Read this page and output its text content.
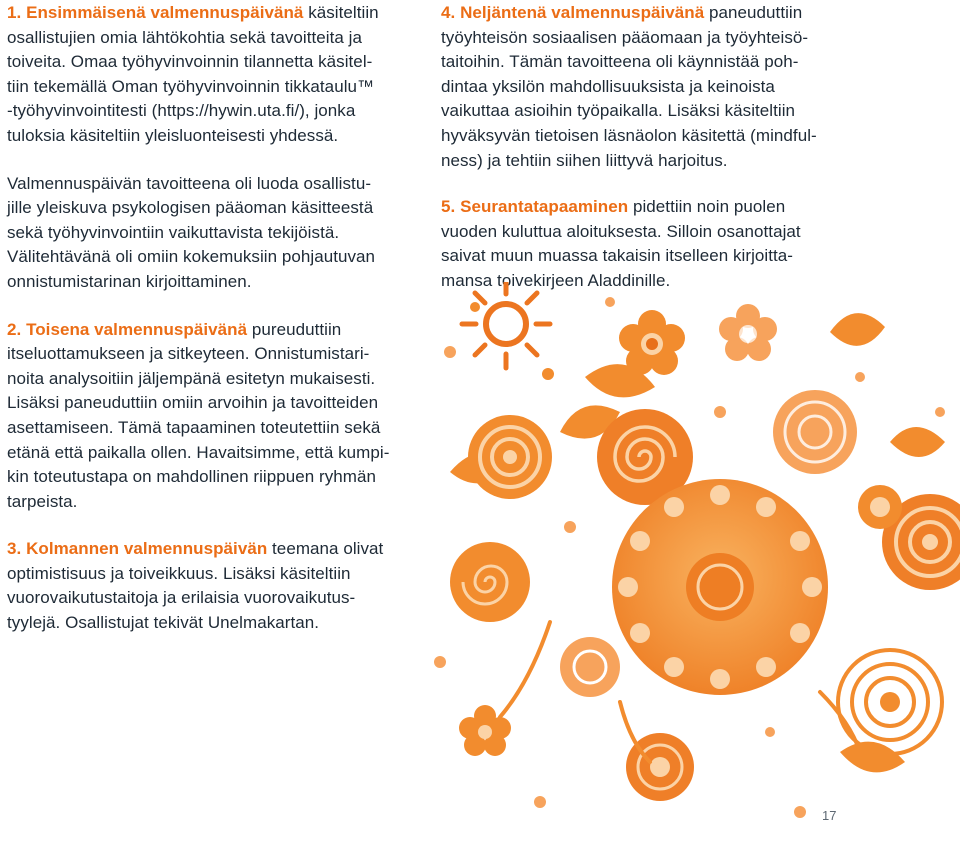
1. Ensimmäisenä valmennuspäivänä käsiteltiin
osallistujien omia lähtökohtia sekä tavoitteita ja
toiveita. Omaa työhyvinvoinnin tilannetta käsitel-
tiin tekemällä Oman työhyvinvoinnin tikkataulu™
-työhyvinvointitesti (https://hywin.uta.fi/), jonka
tuloksia käsiteltiin yleisluonteisesti yhdessä.

Valmennuspäivän tavoitteena oli luoda osallistu-
jille yleiskuva psykologisen pääoman käsitteestä
sekä työhyvinvointiin vaikuttavista tekijöistä.
Välitehtävänä oli omiin kokemuksiin pohjautuvan
onnistumistarinan kirjoittaminen.

2. Toisena valmennuspäivänä pureuduttiin
itseluottamukseen ja sitkeyteen. Onnistumistari-
noita analysoitiin jäljempänä esitetyn mukaisesti.
Lisäksi paneuduttiin omiin arvoihin ja tavoitteiden
asettamiseen. Tämä tapaaminen toteutettiin sekä
etänä että paikalla ollen. Havaitsimme, että kumpi-
kin toteutustapa on mahdollinen riippuen ryhmän
tarpeista.

3. Kolmannen valmennuspäivän teemana olivat
optimistisuus ja toiveikkuus. Lisäksi käsiteltiin
vuorovaikutustaitoja ja erilaisia vuorovaikutus-
tyylejä. Osallistujat tekivät Unelmakartan.

4. Neljäntenä valmennuspäivänä paneuduttiin
työyhteisön sosiaalisen pääomaan ja työyhteisö-
taitoihin. Tämän tavoitteena oli käynnistää poh-
dintaa yksilön mahdollisuuksista ja keinoista
vaikuttaa asioihin työpaikalla. Lisäksi käsiteltiin
hyväksyvän tietoisen läsnäolon käsitettä (mindful-
ness) ja tehtiin siihen liittyvä harjoitus.

5. Seurantatapaaminen pidettiin noin puolen
vuoden kuluttua aloituksesta. Silloin osanottajat
saivat muun muassa takaisin itselleen kirjoitta-
mansa toivekirjeen Aladdinille.

17
